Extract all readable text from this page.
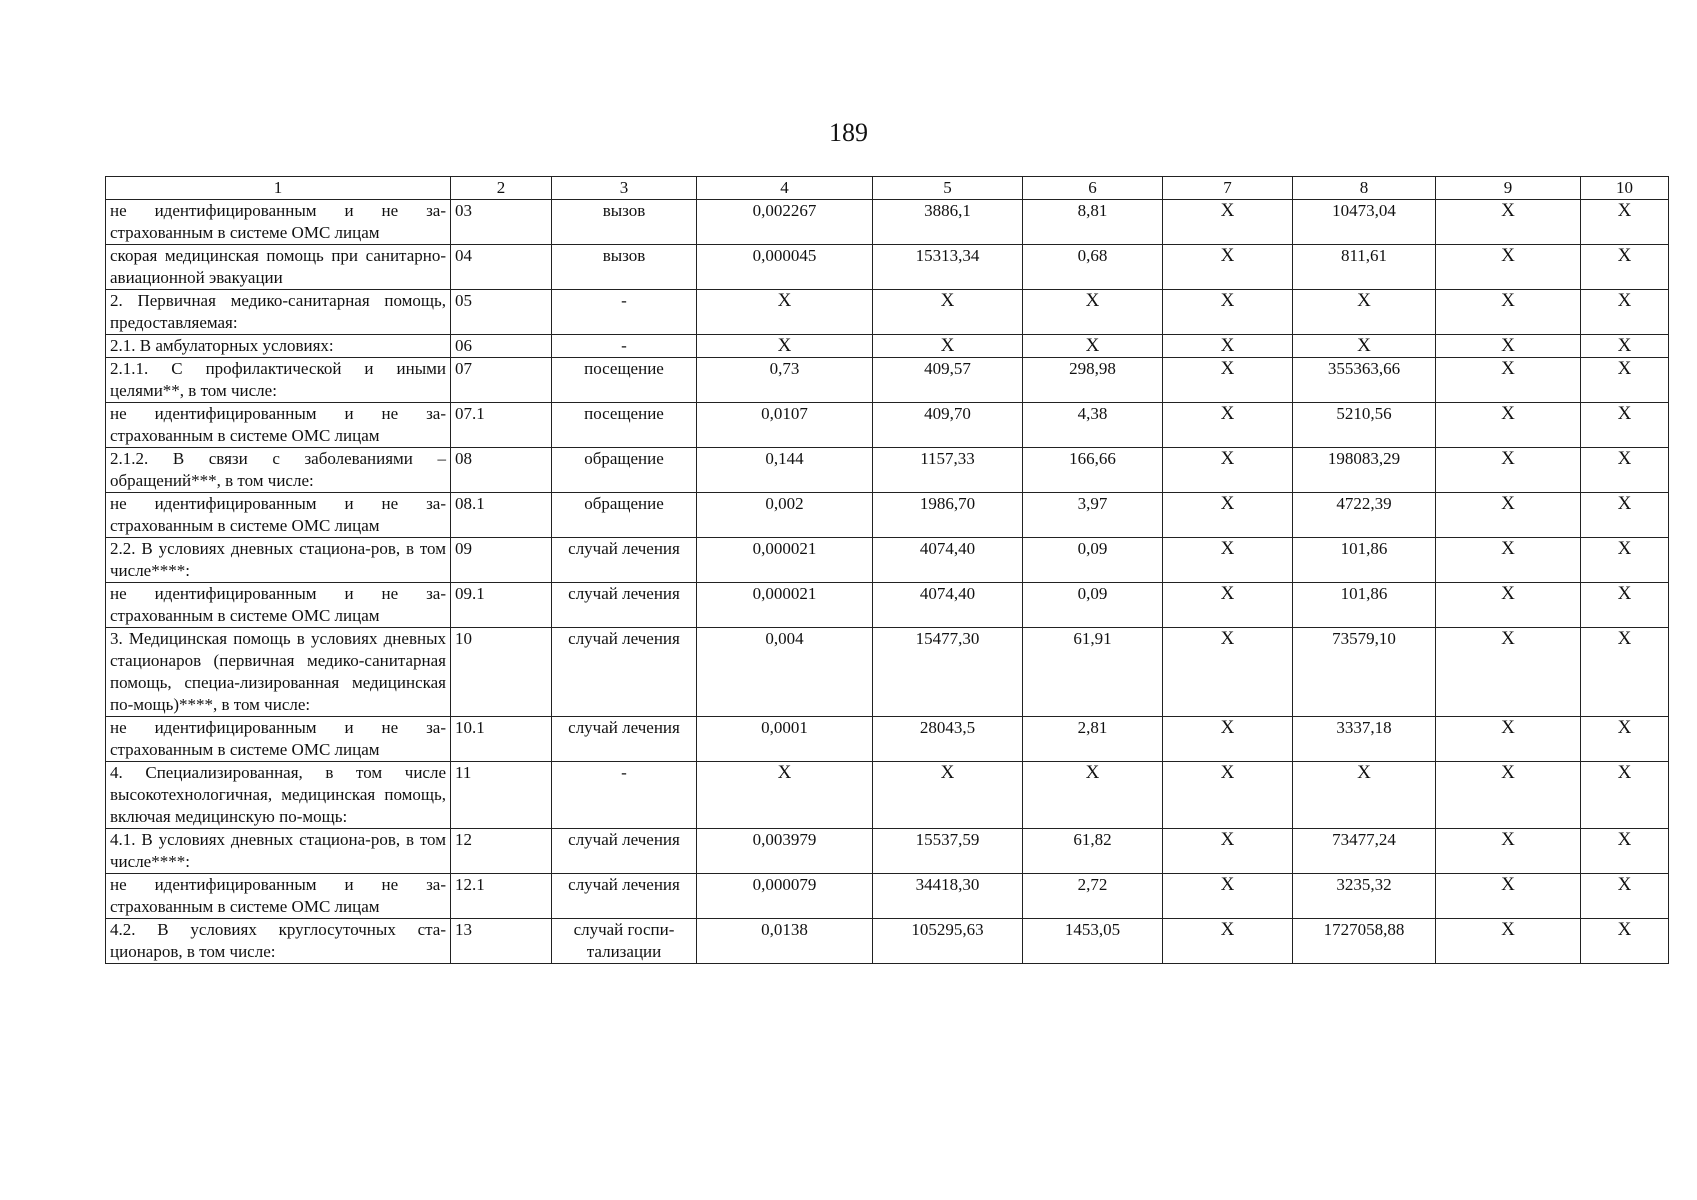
189
1	2	3	4	5	6	7	8	9	10
не идентифицированным и не за-страхованным в системе ОМС лицам	03	вызов	0,002267	3886,1	8,81	Х	10473,04	Х	Х
скорая медицинская помощь при санитарно-авиационной эвакуации	04	вызов	0,000045	15313,34	0,68	Х	811,61	Х	Х
2. Первичная медико-санитарная помощь, предоставляемая:	05	-	Х	Х	Х	Х	Х	Х	Х
2.1. В амбулаторных условиях:	06	-	Х	Х	Х	Х	Х	Х	Х
2.1.1. С профилактической и иными целями**, в том числе:	07	посещение	0,73	409,57	298,98	Х	355363,66	Х	Х
не идентифицированным и не за-страхованным в системе ОМС лицам	07.1	посещение	0,0107	409,70	4,38	Х	5210,56	Х	Х
2.1.2. В связи с заболеваниями – обращений***, в том числе:	08	обращение	0,144	1157,33	166,66	Х	198083,29	Х	Х
не идентифицированным и не за-страхованным в системе ОМС лицам	08.1	обращение	0,002	1986,70	3,97	Х	4722,39	Х	Х
2.2. В условиях дневных стациона-ров, в том числе****:	09	случай лечения	0,000021	4074,40	0,09	Х	101,86	Х	Х
не идентифицированным и не за-страхованным в системе ОМС лицам	09.1	случай лечения	0,000021	4074,40	0,09	Х	101,86	Х	Х
3. Медицинская помощь в условиях дневных стационаров (первичная медико-санитарная помощь, специа-лизированная медицинская по-мощь)****, в том числе:	10	случай лечения	0,004	15477,30	61,91	Х	73579,10	Х	Х
не идентифицированным и не за-страхованным в системе ОМС лицам	10.1	случай лечения	0,0001	28043,5	2,81	Х	3337,18	Х	Х
4. Специализированная, в том числе высокотехнологичная, медицинская помощь, включая медицинскую по-мощь:	11	-	Х	Х	Х	Х	Х	Х	Х
4.1. В условиях дневных стациона-ров, в том числе****:	12	случай лечения	0,003979	15537,59	61,82	Х	73477,24	Х	Х
не идентифицированным и не за-страхованным в системе ОМС лицам	12.1	случай лечения	0,000079	34418,30	2,72	Х	3235,32	Х	Х
4.2. В условиях круглосуточных ста-ционаров, в том числе:	13	случай госпи-тализации	0,0138	105295,63	1453,05	Х	1727058,88	Х	Х
